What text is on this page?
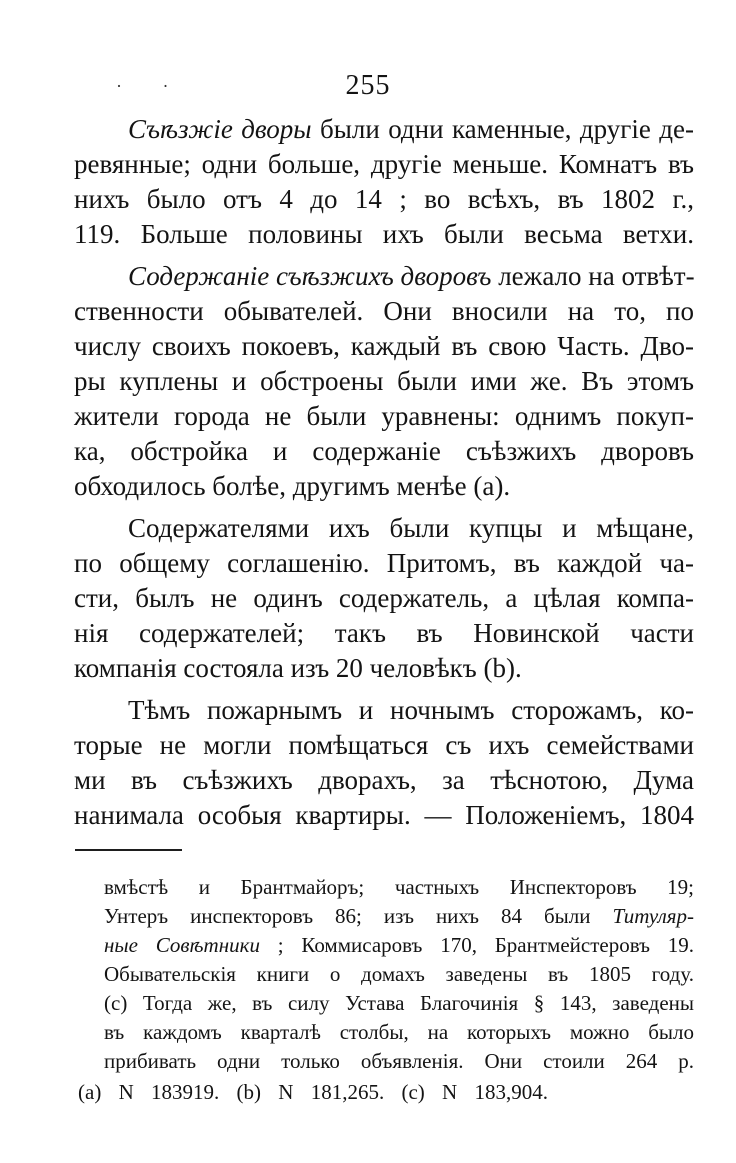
· ·	255
Съѣзжіе дворы были одни каменные, другіе де-
ревянные; одни больше, другіе меньше. Комнатъ въ
нихъ было отъ 4 до 14 ; во всѣхъ, въ 1802 г.,
119. Больше половины ихъ были весьма ветхи.
Содержаніе съѣзжихъ дворовъ лежало на отвѣт-
ственности обывателей. Они вносили на то, по
числу своихъ покоевъ, каждый въ свою Часть. Дво-
ры куплены и обстроены были ими же. Въ этомъ
жители города не были уравнены: однимъ покуп-
ка, обстройка и содержаніе съѣзжихъ дворовъ
обходилось болѣе, другимъ менѣе (а).
Содержателями ихъ были купцы и мѣщане,
по общему соглашенію. Притомъ, въ каждой ча-
сти, былъ не одинъ содержатель, а цѣлая компа-
нія содержателей; такъ въ Новинской части
компанія состояла изъ 20 человѣкъ (b).
Тѣмъ пожарнымъ и ночнымъ сторожамъ, ко-
торые не могли помѣщаться съ ихъ семействами
ми въ съѣзжихъ дворахъ, за тѣснотою, Дума
нанимала особыя квартиры. — Положеніемъ, 1804
вмѣстѣ и Брантмайоръ; частныхъ Инспекторовъ 19;
Унтеръ инспекторовъ 86; изъ нихъ 84 были Титуляр-
ные Совѣтники ; Коммисаровъ 170, Брантмейстеровъ 19.
Обывательскія книги о домахъ заведены въ 1805 году.
(с) Тогда же, въ силу Устава Благочинія § 143, заведены
въ каждомъ кварталѣ столбы, на которыхъ можно было
прибивать одни только объявленія. Они стоили 264 р.
(а) N 183919. (b) N 181,265. (с) N 183,904.
